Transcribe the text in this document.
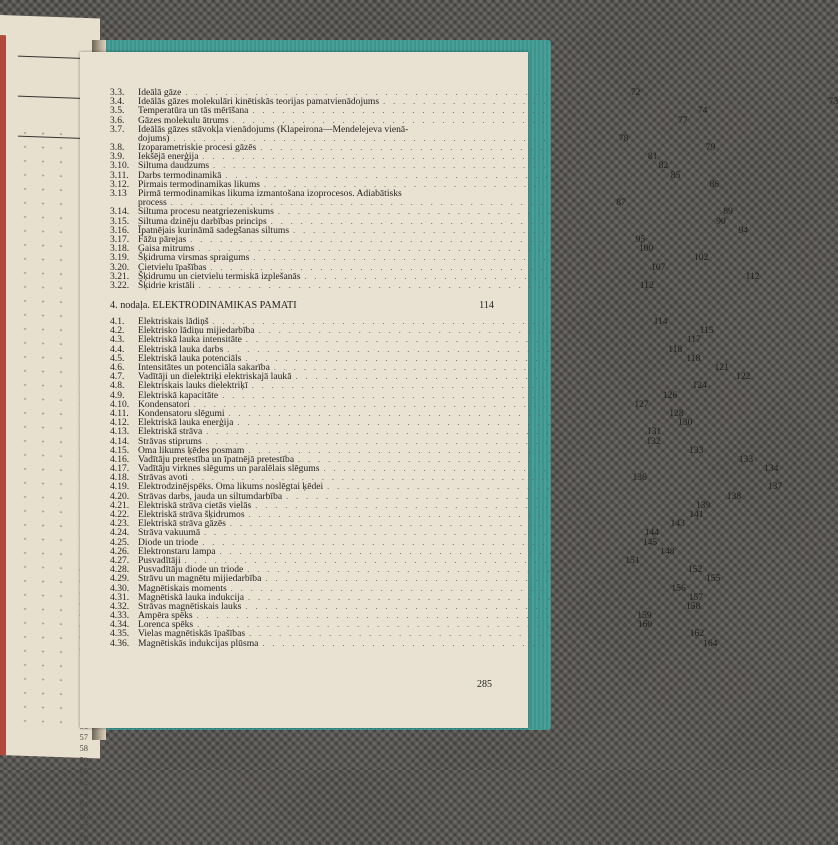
57
58
59
60
62
63
64
66
67
70
3.3.	Ideālā gāze . . . . . . . . . . . . . . . . . . . . . . . . . . . . . . . . . . . . . . . . . . .	72
3.4.	Ideālās gāzes molekulāri kinētiskās teorijas pamatvienādojums . . . . . . . . . . . . . . . . . . . . . . . . . . . . . . . . . . . . . . . . . . .	73
3.5.	Temperatūra un tās mērīšana . . . . . . . . . . . . . . . . . . . . . . . . . . . . . . . . . . . . . . . . . . .	74
3.6.	Gāzes molekulu ātrums . . . . . . . . . . . . . . . . . . . . . . . . . . . . . . . . . . . . . . . . . . .	77
3.7.	Ideālās gāzes stāvokļa vienādojums (Klapeirona—Mendelejeva vienā-
dojums) . . . . . . . . . . . . . . . . . . . . . . . . . . . . . . . . . . . . . . . . . . .	78
3.8.	Izoparametriskie procesi gāzēs . . . . . . . . . . . . . . . . . . . . . . . . . . . . . . . . . . . . . . . . . . .	79
3.9.	Iekšējā enerģija . . . . . . . . . . . . . . . . . . . . . . . . . . . . . . . . . . . . . . . . . . .	81
3.10. Siltuma daudzums . . . . . . . . . . . . . . . . . . . . . . . . . . . . . . . . . . . . . . . . . . .	82
3.11. Darbs termodinamikā . . . . . . . . . . . . . . . . . . . . . . . . . . . . . . . . . . . . . . . . . . .	85
3.12. Pirmais termodinamikas likums . . . . . . . . . . . . . . . . . . . . . . . . . . . . . . . . . . . . . . . . . . .	86
3.13	Pirmā termodinamikas likuma izmantošana izoprocesos. Adiabātisks
process . . . . . . . . . . . . . . . . . . . . . . . . . . . . . . . . . . . . . . . . . . .	87
3.14. Siltuma procesu neatgriezeniskums . . . . . . . . . . . . . . . . . . . . . . . . . . . . . . . . . . . . . . . . . . .	89
3.15. Siltuma dzinēju darbības princips . . . . . . . . . . . . . . . . . . . . . . . . . . . . . . . . . . . . . . . . . . .	90
3.16. Īpatnējais kurināmā sadegšanas siltums . . . . . . . . . . . . . . . . . . . . . . . . . . . . . . . . . . . . . . . . . . .	94
3.17. Fāžu pārejas . . . . . . . . . . . . . . . . . . . . . . . . . . . . . . . . . . . . . . . . . . .	95
3.18. Gaisa mitrums . . . . . . . . . . . . . . . . . . . . . . . . . . . . . . . . . . . . . . . . . . .	100
3.19. Šķidruma virsmas spraigums . . . . . . . . . . . . . . . . . . . . . . . . . . . . . . . . . . . . . . . . . . .	102
3.20. Cietvielu īpašības . . . . . . . . . . . . . . . . . . . . . . . . . . . . . . . . . . . . . . . . . . .	107
3.21. Šķidrumu un cietvielu termiskā izplešanās . . . . . . . . . . . . . . . . . . . . . . . . . . . . . . . . . . . . . . . . . . .	112
3.22. Šķidrie kristāli . . . . . . . . . . . . . . . . . . . . . . . . . . . . . . . . . . . . . . . . . . .	112
4. nodaļa. ELEKTRODINAMIKAS PAMATI	114
4.1.	Elektriskais lādiņš . . . . . . . . . . . . . . . . . . . . . . . . . . . . . . . . . . . . . . . . . . .	114
4.2.	Elektrisko lādiņu mijiedarbība . . . . . . . . . . . . . . . . . . . . . . . . . . . . . . . . . . . . . . . . . . .	115
4.3.	Elektriskā lauka intensitāte . . . . . . . . . . . . . . . . . . . . . . . . . . . . . . . . . . . . . . . . . . .	117
4.4.	Elektriskā lauka darbs . . . . . . . . . . . . . . . . . . . . . . . . . . . . . . . . . . . . . . . . . . .	118
4.5.	Elektriskā lauka potenciāls . . . . . . . . . . . . . . . . . . . . . . . . . . . . . . . . . . . . . . . . . . .	118
4.6.	Intensitātes un potenciāla sakarība . . . . . . . . . . . . . . . . . . . . . . . . . . . . . . . . . . . . . . . . . . .	121
4.7.	Vadītāji un dielektriķi elektriskajā laukā . . . . . . . . . . . . . . . . . . . . . . . . . . . . . . . . . . . . . . . . . . .	122
4.8.	Elektriskais lauks dielektriķī . . . . . . . . . . . . . . . . . . . . . . . . . . . . . . . . . . . . . . . . . . .	124
4.9.	Elektriskā kapacitāte . . . . . . . . . . . . . . . . . . . . . . . . . . . . . . . . . . . . . . . . . . .	126
4.10. Kondensatori . . . . . . . . . . . . . . . . . . . . . . . . . . . . . . . . . . . . . . . . . . .	127
4.11. Kondensatoru slēgumi . . . . . . . . . . . . . . . . . . . . . . . . . . . . . . . . . . . . . . . . . . .	128
4.12. Elektriskā lauka enerģija . . . . . . . . . . . . . . . . . . . . . . . . . . . . . . . . . . . . . . . . . . .	130
4.13. Elektriskā strāva . . . . . . . . . . . . . . . . . . . . . . . . . . . . . . . . . . . . . . . . . . .	131
4.14. Strāvas stiprums . . . . . . . . . . . . . . . . . . . . . . . . . . . . . . . . . . . . . . . . . . .	132
4.15. Oma likums ķēdes posmam . . . . . . . . . . . . . . . . . . . . . . . . . . . . . . . . . . . . . . . . . . .	133
4.16. Vadītāju pretestība un īpatnējā pretestība . . . . . . . . . . . . . . . . . . . . . . . . . . . . . . . . . . . . . . . . . . .	133
4.17. Vadītāju virknes slēgums un paralēlais slēgums . . . . . . . . . . . . . . . . . . . . . . . . . . . . . . . . . . . . . . . . . . .	134
4.18. Strāvas avoti . . . . . . . . . . . . . . . . . . . . . . . . . . . . . . . . . . . . . . . . . . .	136
4.19. Elektrodzinējspēks. Oma likums noslēgtai ķēdei . . . . . . . . . . . . . . . . . . . . . . . . . . . . . . . . . . . . . . . . . . .	137
4.20. Strāvas darbs, jauda un siltumdarbība . . . . . . . . . . . . . . . . . . . . . . . . . . . . . . . . . . . . . . . . . . .	138
4.21. Elektriskā strāva cietās vielās . . . . . . . . . . . . . . . . . . . . . . . . . . . . . . . . . . . . . . . . . . .	139
4.22. Elektriskā strāva šķidrumos . . . . . . . . . . . . . . . . . . . . . . . . . . . . . . . . . . . . . . . . . . .	141
4.23. Elektriskā strāva gāzēs . . . . . . . . . . . . . . . . . . . . . . . . . . . . . . . . . . . . . . . . . . .	143
4.24. Strāva vakuumā . . . . . . . . . . . . . . . . . . . . . . . . . . . . . . . . . . . . . . . . . . .	144
4.25. Diode un triode . . . . . . . . . . . . . . . . . . . . . . . . . . . . . . . . . . . . . . . . . . .	145
4.26. Elektronstaru lampa . . . . . . . . . . . . . . . . . . . . . . . . . . . . . . . . . . . . . . . . . . .	148
4.27. Pusvadītāji . . . . . . . . . . . . . . . . . . . . . . . . . . . . . . . . . . . . . . . . . . .	151
4.28. Pusvadītāju diode un triode . . . . . . . . . . . . . . . . . . . . . . . . . . . . . . . . . . . . . . . . . . .	152
4.29. Strāvu un magnētu mijiedarbība . . . . . . . . . . . . . . . . . . . . . . . . . . . . . . . . . . . . . . . . . . .	155
4.30. Magnētiskais moments . . . . . . . . . . . . . . . . . . . . . . . . . . . . . . . . . . . . . . . . . . .	156
4.31. Magnētiskā lauka indukcija . . . . . . . . . . . . . . . . . . . . . . . . . . . . . . . . . . . . . . . . . . .	157
4.32. Strāvas magnētiskais lauks . . . . . . . . . . . . . . . . . . . . . . . . . . . . . . . . . . . . . . . . . . .	158
4.33. Ampēra spēks . . . . . . . . . . . . . . . . . . . . . . . . . . . . . . . . . . . . . . . . . . .	159
4.34. Lorenca spēks . . . . . . . . . . . . . . . . . . . . . . . . . . . . . . . . . . . . . . . . . . .	160
4.35. Vielas magnētiskās īpašības . . . . . . . . . . . . . . . . . . . . . . . . . . . . . . . . . . . . . . . . . . .	162
4.36. Magnētiskās indukcijas plūsma . . . . . . . . . . . . . . . . . . . . . . . . . . . . . . . . . . . . . . . . . . .	164
285
